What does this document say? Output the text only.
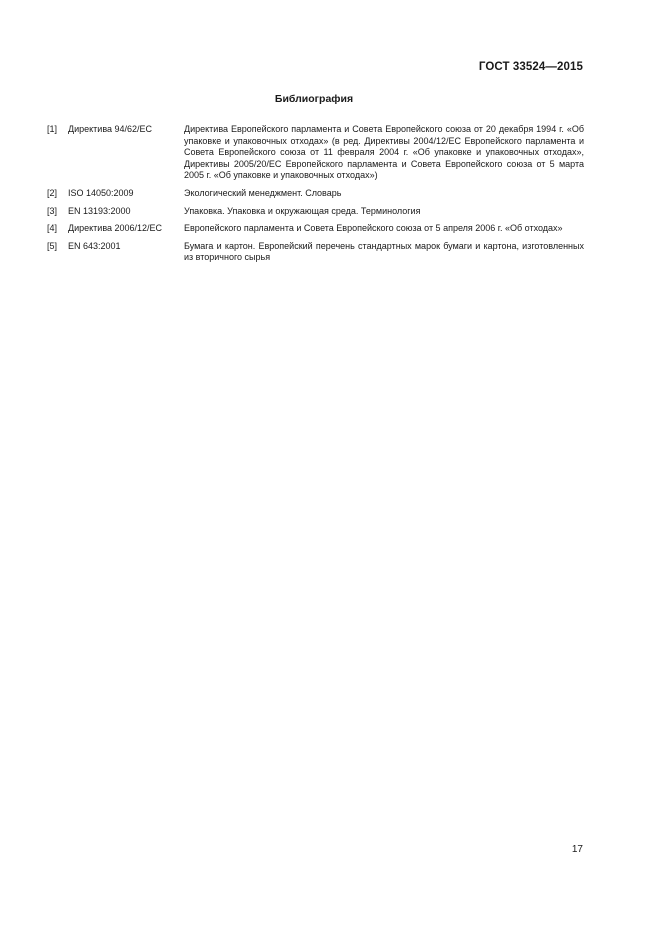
ГОСТ 33524—2015
Библиография
[1]	Директива 94/62/ЕС	Директива Европейского парламента и Совета Европейского союза от 20 декабря 1994 г. «Об упаковке и упаковочных отходах» (в ред. Директивы 2004/12/ЕС Европейского парламента и Совета Европейского союза от 11 февраля 2004 г. «Об упаковке и упаковочных отходах», Директивы 2005/20/ЕС Европейского парламента и Совета Европейского союза от 5 марта 2005 г. «Об упаковке и упаковочных отходах»)
[2]	ISO 14050:2009	Экологический менеджмент. Словарь
[3]	EN 13193:2000	Упаковка. Упаковка и окружающая среда. Терминология
[4]	Директива 2006/12/ЕС	Европейского парламента и Совета Европейского союза от 5 апреля 2006 г. «Об отходах»
[5]	EN 643:2001	Бумага и картон. Европейский перечень стандартных марок бумаги и картона, изготовленных из вторичного сырья
17
